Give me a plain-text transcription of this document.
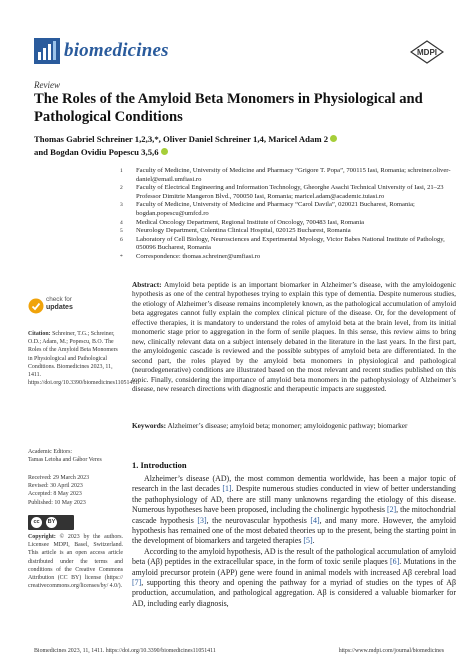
biomedicines	MDPI
Review
The Roles of the Amyloid Beta Monomers in Physiological and Pathological Conditions
Thomas Gabriel Schreiner 1,2,3,*, Oliver Daniel Schreiner 1,4, Maricel Adam 2
and Bogdan Ovidiu Popescu 3,5,6
1 Faculty of Medicine, University of Medicine and Pharmacy “Grigore T. Popa”, 700115 Iasi, Romania; schreiner.oliver-daniel@email.umfiasi.ro
2 Faculty of Electrical Engineering and Information Technology, Gheorghe Asachi Technical University of Iasi, 21–23 Professor Dimitrie Mangeron Blvd., 700050 Iasi, Romania; maricel.adam@academic.tuiasi.ro
3 Faculty of Medicine, University of Medicine and Pharmacy “Carol Davila”, 020021 Bucharest, Romania; bogdan.popescu@umfcd.ro
4 Medical Oncology Department, Regional Institute of Oncology, 700483 Iasi, Romania
5 Neurology Department, Colentina Clinical Hospital, 020125 Bucharest, Romania
6 Laboratory of Cell Biology, Neurosciences and Experimental Myology, Victor Babes National Institute of Pathology, 050096 Bucharest, Romania
* Correspondence: thomas.schreiner@umfiasi.ro
Abstract: Amyloid beta peptide is an important biomarker in Alzheimer’s disease, with the amyloidogenic hypothesis as one of the central hypotheses trying to explain this type of dementia. Despite numerous studies, the etiology of Alzheimer’s disease remains incompletely known, as the pathological accumulation of amyloid beta aggregates cannot fully explain the complex clinical picture of the disease. Or, for the development of effective therapies, it is mandatory to understand the roles of amyloid beta at the brain level, from its initial monomeric stage prior to aggregation in the form of senile plaques. In this sense, this review aims to bring new, clinically relevant data on a subject intensely debated in the literature in the last years. In the first part, the amyloidogenic cascade is reviewed and the possible subtypes of amyloid beta are differentiated. In the second part, the roles played by the amyloid beta monomers in physiological and pathological (neurodegenerative) conditions are illustrated based on the most relevant and recent studies published on this topic. Finally, considering the importance of amyloid beta monomers in the pathophysiology of Alzheimer’s disease, new research directions with diagnostic and therapeutic impacts are suggested.
Keywords: Alzheimer’s disease; amyloid beta; monomer; amyloidogenic pathway; biomarker
check for
updates
Citation: Schreiner, T.G.; Schreiner, O.D.; Adam, M.; Popescu, B.O. The Roles of the Amyloid Beta Monomers in Physiological and Pathological Conditions. Biomedicines 2023, 11, 1411. https://doi.org/10.3390/biomedicines11051411
Academic Editors:
Tamas Letoha and Gábor Veres
Received: 29 March 2023
Revised: 30 April 2023
Accepted: 8 May 2023
Published: 10 May 2023
cc	BY
Copyright: © 2023 by the authors. Licensee MDPI, Basel, Switzerland. This article is an open access article distributed under the terms and conditions of the Creative Commons Attribution (CC BY) license (https:// creativecommons.org/licenses/by/ 4.0/).
1. Introduction

Alzheimer’s disease (AD), the most common dementia worldwide, has been a major topic of research in the last decades [1]. Despite numerous studies conducted in view of better understanding the pathophysiology of AD, there are still many unknowns regarding the etiology of this disease. Numerous hypotheses have been proposed, including the cholinergic hypothesis [2], the mitochondrial cascade hypothesis [3], the neurovascular hypothesis [4], and many more. However, the amyloid hypothesis has remained one of the most debated theories up to the present, being the starting point in the development of biomarkers and targeted therapies [5].

According to the amyloid hypothesis, AD is the result of the pathological accumulation of amyloid beta (Aβ) peptides in the extracellular space, in the form of toxic senile plaques [6]. Mutations in the amyloid precursor protein (APP) gene were found in animal models with increased Aβ cerebral load [7], supporting this theory and opening the pathway for a myriad of studies on the types of Aβ production, accumulation, and pathological aggregation. Aβ is considered a valuable biomarker for AD, including early diagnosis,

Biomedicines 2023, 11, 1411. https://doi.org/10.3390/biomedicines11051411	https://www.mdpi.com/journal/biomedicines
